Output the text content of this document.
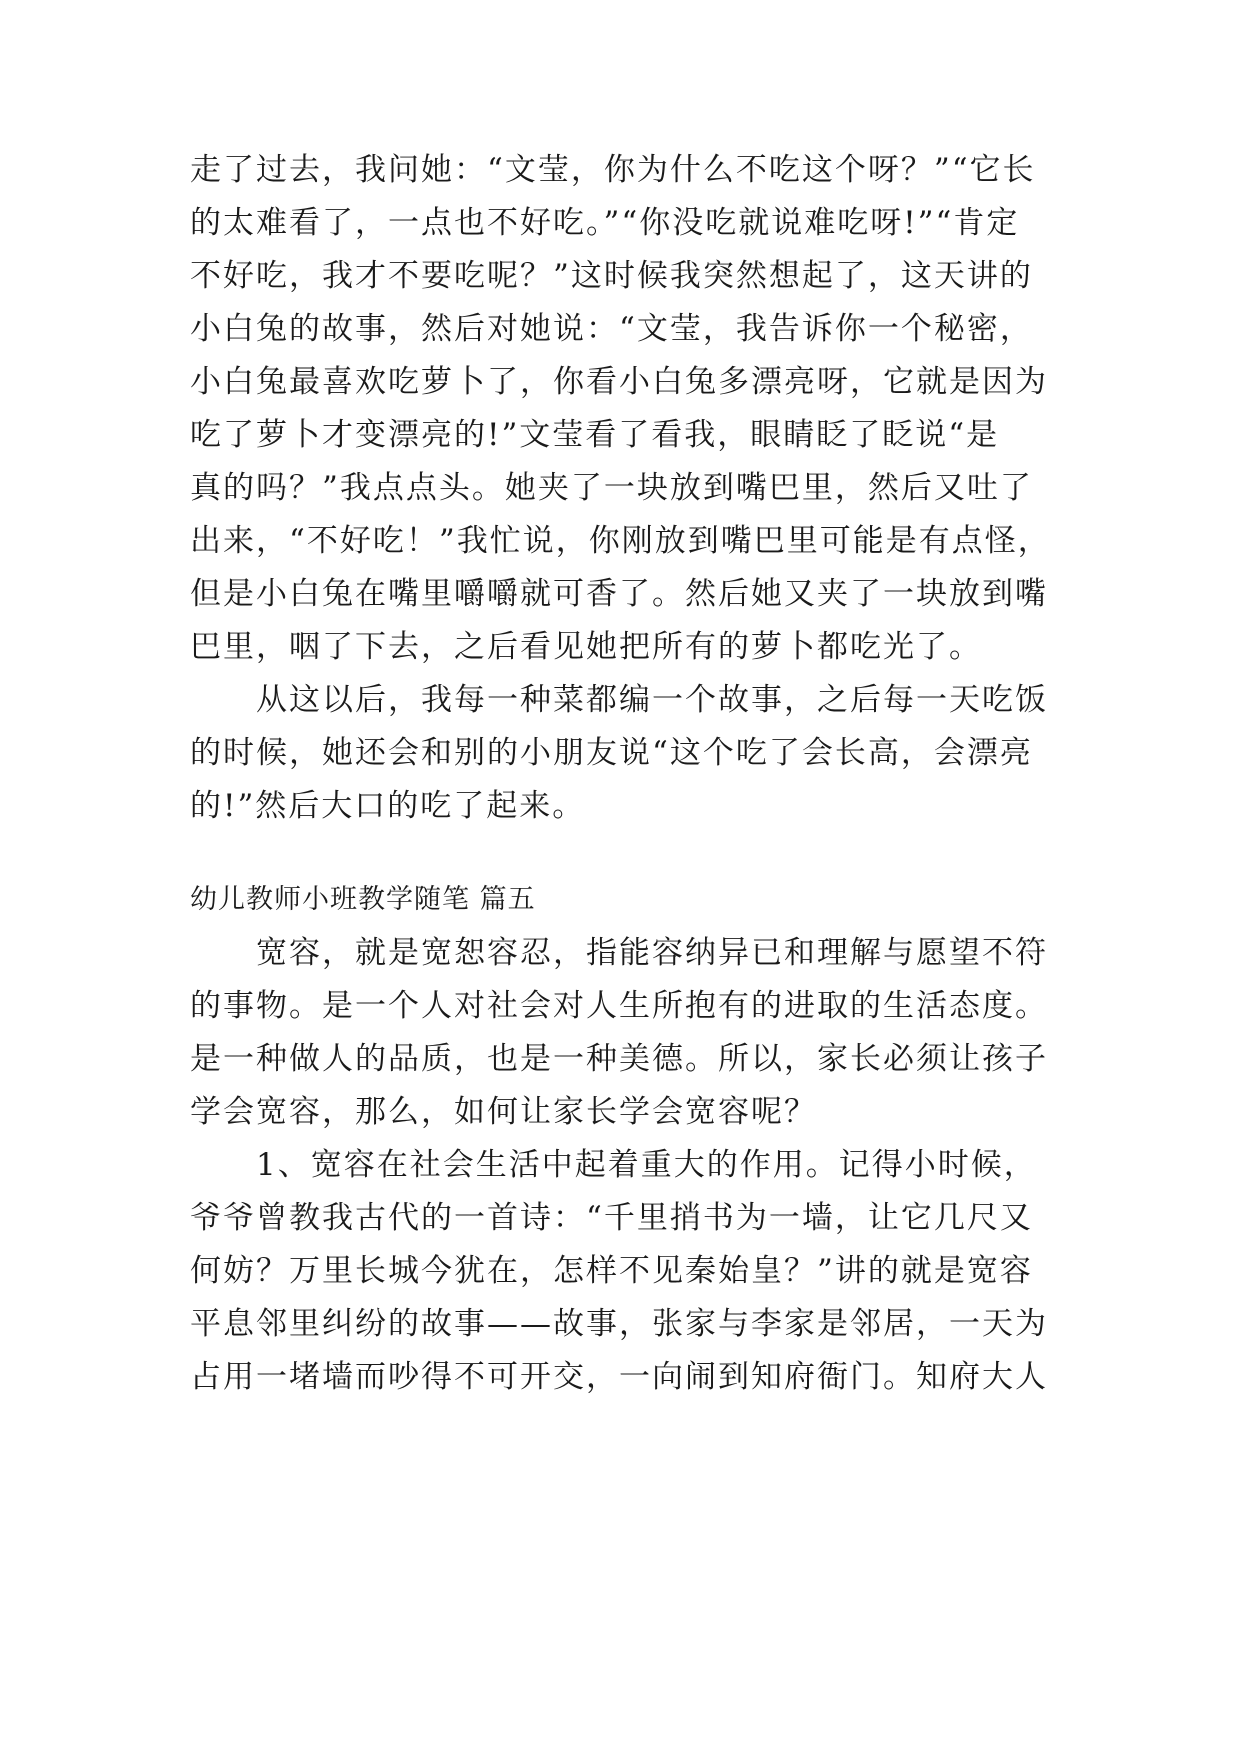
走了过去，我问她：“文莹，你为什么不吃这个呀？”“它长
的太难看了，一点也不好吃。”“你没吃就说难吃呀!”“肯定
不好吃，我才不要吃呢？”这时候我突然想起了，这天讲的
小白兔的故事，然后对她说：“文莹，我告诉你一个秘密，
小白兔最喜欢吃萝卜了，你看小白兔多漂亮呀，它就是因为
吃了萝卜才变漂亮的!”文莹看了看我，眼睛眨了眨说“是
真的吗？”我点点头。她夹了一块放到嘴巴里，然后又吐了
出来，“不好吃！”我忙说，你刚放到嘴巴里可能是有点怪，
但是小白兔在嘴里嚼嚼就可香了。然后她又夹了一块放到嘴
巴里，咽了下去，之后看见她把所有的萝卜都吃光了。
从这以后，我每一种菜都编一个故事，之后每一天吃饭
的时候，她还会和别的小朋友说“这个吃了会长高，会漂亮
的!”然后大口的吃了起来。
幼儿教师小班教学随笔 篇五
宽容，就是宽恕容忍，指能容纳异已和理解与愿望不符
的事物。是一个人对社会对人生所抱有的进取的生活态度。
是一种做人的品质，也是一种美德。所以，家长必须让孩子
学会宽容，那么，如何让家长学会宽容呢？
1、宽容在社会生活中起着重大的作用。记得小时候，
爷爷曾教我古代的一首诗：“千里捎书为一墙，让它几尺又
何妨？万里长城今犹在，怎样不见秦始皇？”讲的就是宽容
平息邻里纠纷的故事——故事，张家与李家是邻居，一天为
占用一堵墙而吵得不可开交，一向闹到知府衙门。知府大人
